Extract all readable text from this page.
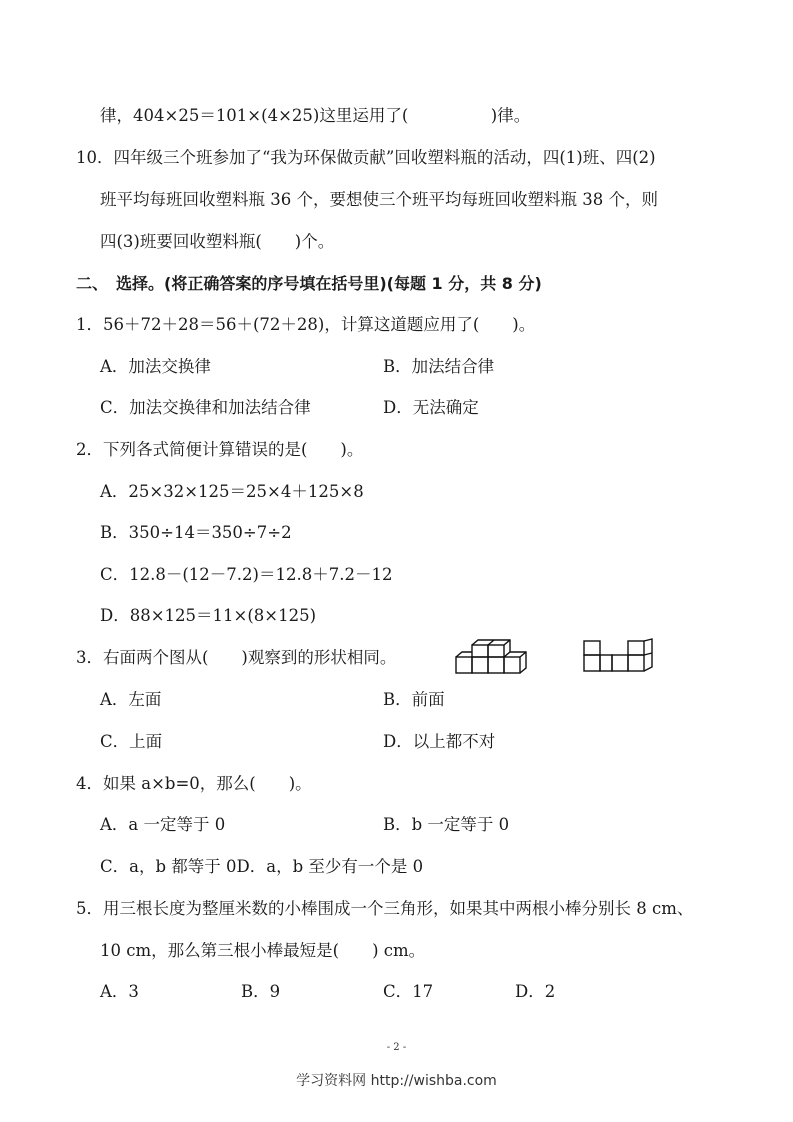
律，404×25＝101×(4×25)这里运用了(　　　　　)律。
10．四年级三个班参加了“我为环保做贡献”回收塑料瓶的活动，四(1)班、四(2)
班平均每班回收塑料瓶 36 个，要想使三个班平均每班回收塑料瓶 38 个，则
四(3)班要回收塑料瓶(　　)个。
二、　选择。(将正确答案的序号填在括号里)(每题 1 分，共 8 分)
1．56＋72＋28＝56＋(72＋28)，计算这道题应用了(　　)。
A．加法交换律	B．加法结合律
C．加法交换律和加法结合律	D．无法确定
2．下列各式简便计算错误的是(　　)。
A．25×32×125＝25×4＋125×8
B．350÷14＝350÷7÷2
C．12.8－(12－7.2)＝12.8＋7.2－12
D．88×125＝11×(8×125)
3．右面两个图从(　　)观察到的形状相同。
A．左面	B．前面
C．上面	D．以上都不对
4．如果 a×b=0，那么(　　)。
A．a 一定等于 0	B．b 一定等于 0
C．a，b 都等于 0D．a，b 至少有一个是 0
5．用三根长度为整厘米数的小棒围成一个三角形，如果其中两根小棒分别长 8 cm、
10 cm，那么第三根小棒最短是(　　) cm。
A．3	B．9	C．17	D．2
- 2 -
学习资料网 http://wishba.com
